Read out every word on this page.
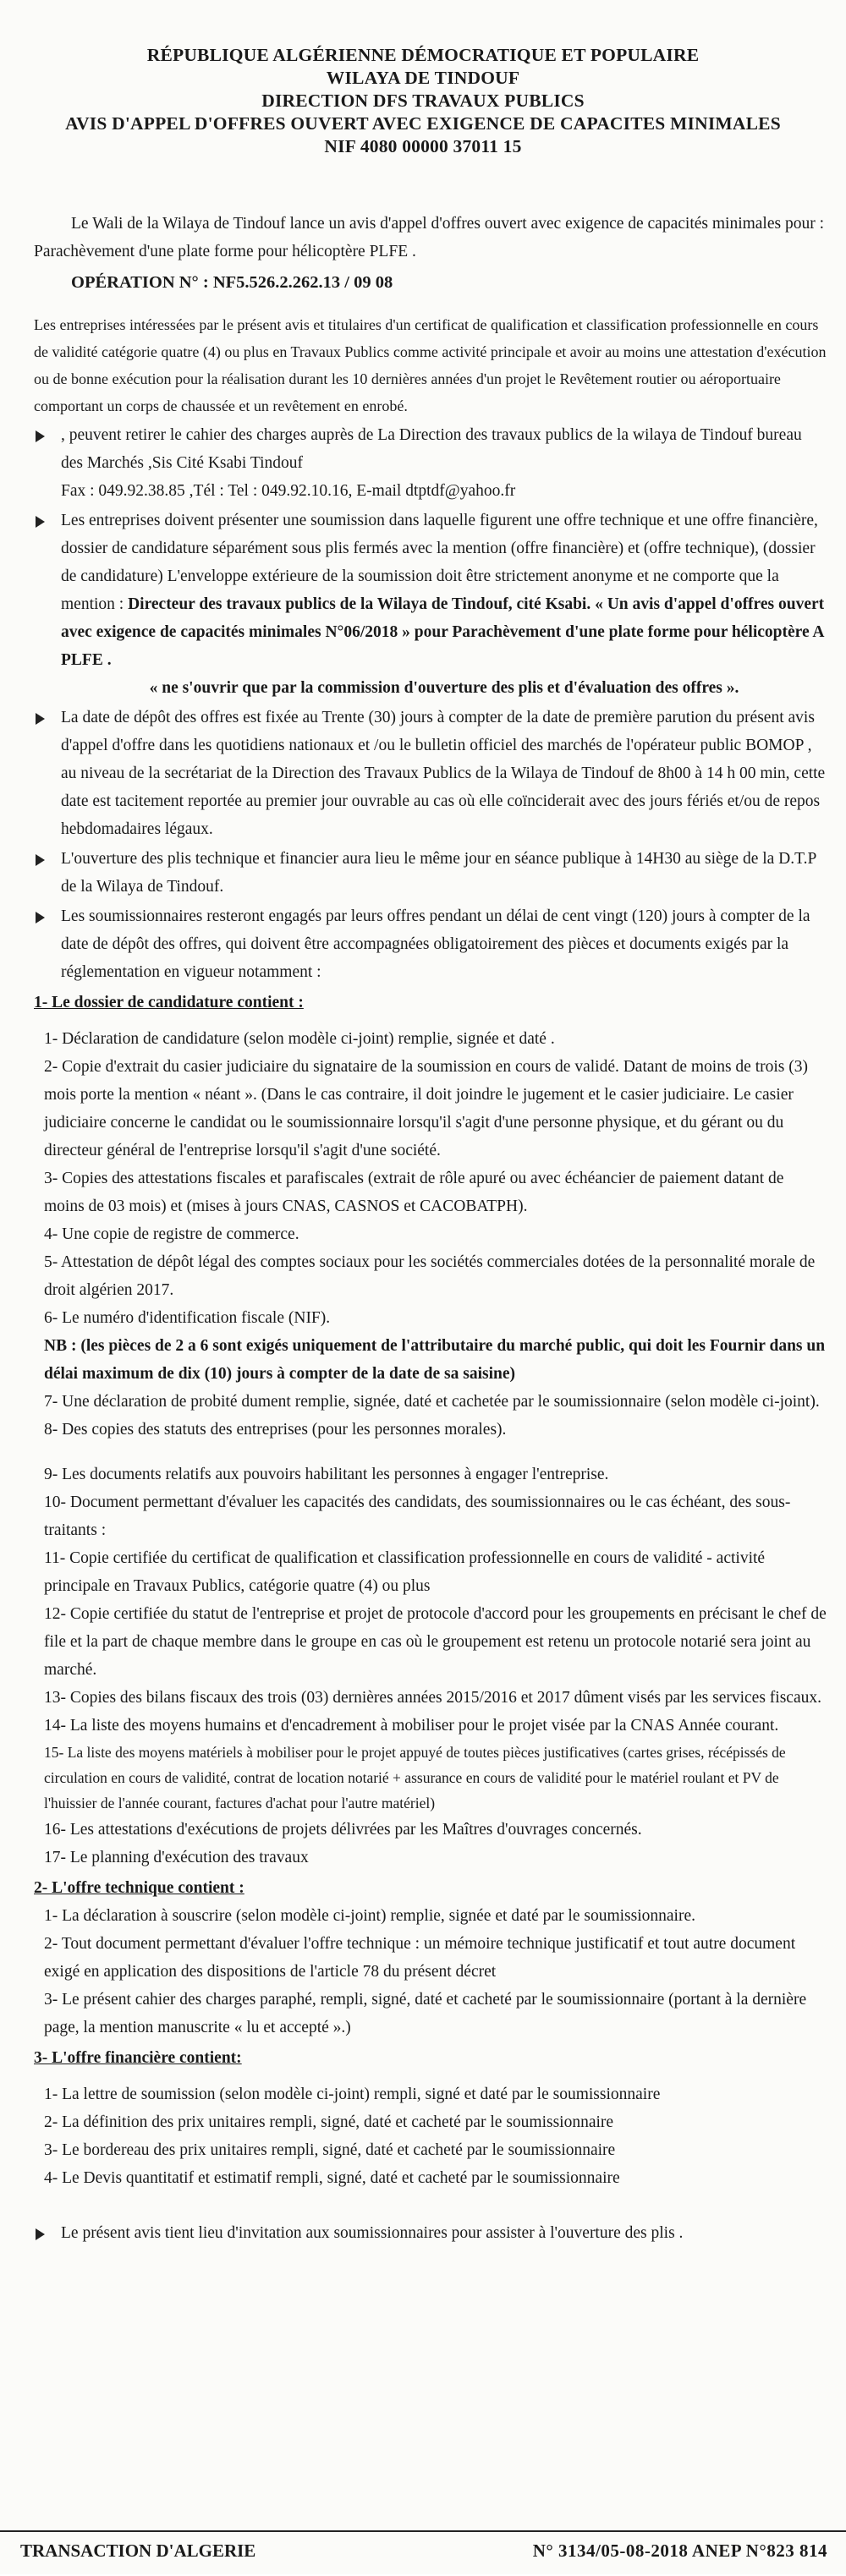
RÉPUBLIQUE ALGÉRIENNE DÉMOCRATIQUE ET POPULAIRE
WILAYA DE TINDOUF
DIRECTION DFS TRAVAUX PUBLICS
AVIS D'APPEL D'OFFRES OUVERT AVEC EXIGENCE DE CAPACITES MINIMALES
NIF 4080 00000 37011 15

Le Wali de la Wilaya de Tindouf lance un avis d'appel d'offres ouvert avec exigence de capacités minimales pour : Parachèvement d'une plate forme pour hélicoptère PLFE .

OPÉRATION N° : NF5.526.2.262.13 / 09 08

Les entreprises intéressées par le présent avis et titulaires d'un certificat de qualification et classification professionnelle en cours de validité catégorie quatre (4) ou plus en Travaux Publics comme activité principale et avoir au moins une attestation d'exécution ou de bonne exécution pour la réalisation durant les 10 dernières années d'un projet le Revêtement routier ou aéroportuaire comportant un corps de chaussée et un revêtement en enrobé.

, peuvent retirer le cahier des charges auprès de La Direction des travaux publics de la wilaya de Tindouf bureau des Marchés ,Sis Cité Ksabi Tindouf

Fax : 049.92.38.85 ,Tél : Tel : 049.92.10.16, E-mail dtptdf@yahoo.fr

Les entreprises doivent présenter une soumission dans laquelle figurent une offre technique et une offre financière, dossier de candidature séparément sous plis fermés avec la mention (offre financière) et (offre technique), (dossier de candidature) L'enveloppe extérieure de la soumission doit être strictement anonyme et ne comporte que la mention : Directeur des travaux publics de la Wilaya de Tindouf, cité Ksabi. « Un avis d'appel d'offres ouvert avec exigence de capacités minimales N°06/2018 » pour Parachèvement d'une plate forme pour hélicoptère A PLFE .

« ne s'ouvrir que par la commission d'ouverture des plis et d'évaluation des offres ».

La date de dépôt des offres est fixée au Trente (30) jours à compter de la date de première parution du présent avis d'appel d'offre dans les quotidiens nationaux et /ou le bulletin officiel des marchés de l'opérateur public BOMOP , au niveau de la secrétariat de la Direction des Travaux Publics de la Wilaya de Tindouf de 8h00 à 14 h 00 min, cette date est tacitement reportée au premier jour ouvrable au cas où elle coïnciderait avec des jours fériés et/ou de repos hebdomadaires légaux.

L'ouverture des plis technique et financier aura lieu le même jour en séance publique à 14H30 au siège de la D.T.P de la Wilaya de Tindouf.

Les soumissionnaires resteront engagés par leurs offres pendant un délai de cent vingt (120) jours à compter de la date de dépôt des offres, qui doivent être accompagnées obligatoirement des pièces et documents exigés par la réglementation en vigueur notamment :

1- Le dossier de candidature contient :

1- Déclaration de candidature (selon modèle ci-joint) remplie, signée et daté .

2- Copie d'extrait du casier judiciaire du signataire de la soumission en cours de validé. Datant de moins de trois (3) mois porte la mention « néant ». (Dans le cas contraire, il doit joindre le jugement et le casier judiciaire. Le casier judiciaire concerne le candidat ou le soumissionnaire lorsqu'il s'agit d'une personne physique, et du gérant ou du directeur général de l'entreprise lorsqu'il s'agit d'une société.

3- Copies des attestations fiscales et parafiscales (extrait de rôle apuré ou avec échéancier de paiement datant de moins de 03 mois) et (mises à jours CNAS, CASNOS et CACOBATPH).

4- Une copie de registre de commerce.

5- Attestation de dépôt légal des comptes sociaux pour les sociétés commerciales dotées de la personnalité morale de droit algérien 2017.

6- Le numéro d'identification fiscale (NIF).

NB : (les pièces de 2 a 6 sont exigés uniquement de l'attributaire du marché public, qui doit les Fournir dans un délai maximum de dix (10) jours à compter de la date de sa saisine)

7- Une déclaration de probité dument remplie, signée, daté et cachetée par le soumissionnaire (selon modèle ci-joint).

8- Des copies des statuts des entreprises (pour les personnes morales).

9- Les documents relatifs aux pouvoirs habilitant les personnes à engager l'entreprise.

10- Document permettant d'évaluer les capacités des candidats, des soumissionnaires ou le cas échéant, des sous-traitants :

11- Copie certifiée du certificat de qualification et classification professionnelle en cours de validité - activité principale en Travaux Publics, catégorie quatre (4) ou plus

12- Copie certifiée du statut de l'entreprise et projet de protocole d'accord pour les groupements en précisant le chef de file et la part de chaque membre dans le groupe en cas où le groupement est retenu un protocole notarié sera joint au marché.

13- Copies des bilans fiscaux des trois (03) dernières années 2015/2016 et 2017 dûment visés par les services fiscaux.

14- La liste des moyens humains et d'encadrement à mobiliser pour le projet visée par la CNAS Année courant.

15- La liste des moyens matériels à mobiliser pour le projet appuyé de toutes pièces justificatives (cartes grises, récépissés de circulation en cours de validité, contrat de location notarié + assurance en cours de validité pour le matériel roulant et PV de l'huissier de l'année courant, factures d'achat pour l'autre matériel)

16- Les attestations d'exécutions de projets délivrées par les Maîtres d'ouvrages concernés.

17- Le planning d'exécution des travaux

2- L'offre technique contient :

1- La déclaration à souscrire (selon modèle ci-joint) remplie, signée et daté par le soumissionnaire.

2- Tout document permettant d'évaluer l'offre technique : un mémoire technique justificatif et tout autre document exigé en application des dispositions de l'article 78 du présent décret

3- Le présent cahier des charges paraphé, rempli, signé, daté et cacheté par le soumissionnaire (portant à la dernière page, la mention manuscrite « lu et accepté ».)

3- L'offre financière contient:

1- La lettre de soumission (selon modèle ci-joint) rempli, signé et daté par le soumissionnaire

2- La définition des prix unitaires rempli, signé, daté et cacheté par le soumissionnaire

3- Le bordereau des prix unitaires rempli, signé, daté et cacheté par le soumissionnaire

4- Le Devis quantitatif et estimatif rempli, signé, daté et cacheté par le soumissionnaire

Le présent avis tient lieu d'invitation aux soumissionnaires pour assister à l'ouverture des plis .

TRANSACTION D'ALGERIE	N° 3134/05-08-2018 ANEP N°823 814
